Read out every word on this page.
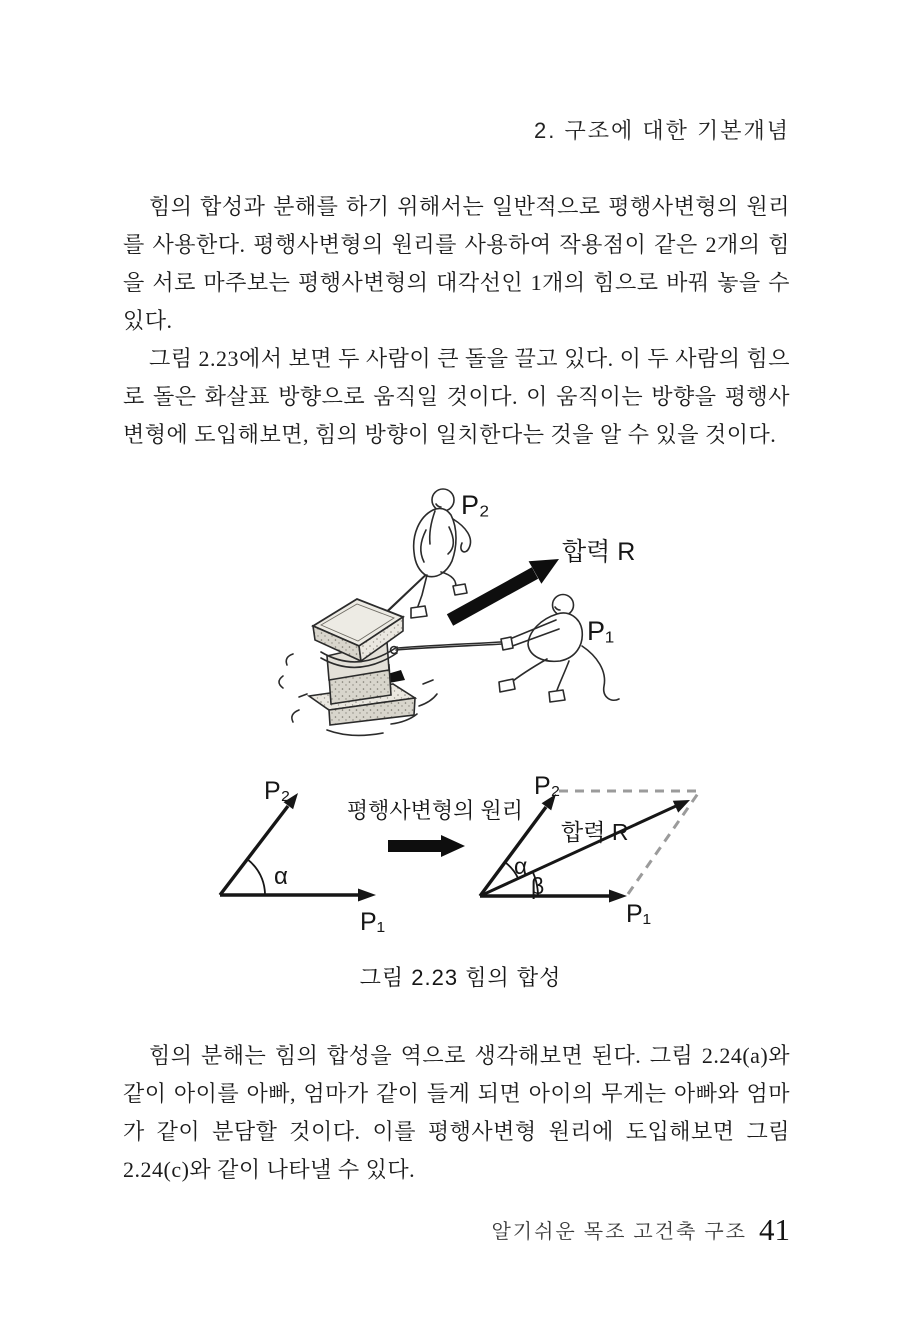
2. 구조에 대한 기본개념

힘의 합성과 분해를 하기 위해서는 일반적으로 평행사변형의 원리를 사용한다. 평행사변형의 원리를 사용하여 작용점이 같은 2개의 힘을 서로 마주보는 평행사변형의 대각선인 1개의 힘으로 바꿔 놓을 수 있다.

그림 2.23에서 보면 두 사람이 큰 돌을 끌고 있다. 이 두 사람의 힘으로 돌은 화살표 방향으로 움직일 것이다. 이 움직이는 방향을 평행사변형에 도입해보면, 힘의 방향이 일치한다는 것을 알 수 있을 것이다.

P₂
합력 R
P₁
P₂
α
P₁
평행사변형의 원리
P₂
합력 R
α
β
P₁
그림 2.23 힘의 합성

힘의 분해는 힘의 합성을 역으로 생각해보면 된다. 그림 2.24(a)와 같이 아이를 아빠, 엄마가 같이 들게 되면 아이의 무게는 아빠와 엄마가 같이 분담할 것이다. 이를 평행사변형 원리에 도입해보면 그림 2.24(c)와 같이 나타낼 수 있다.

알기쉬운 목조 고건축 구조 41
